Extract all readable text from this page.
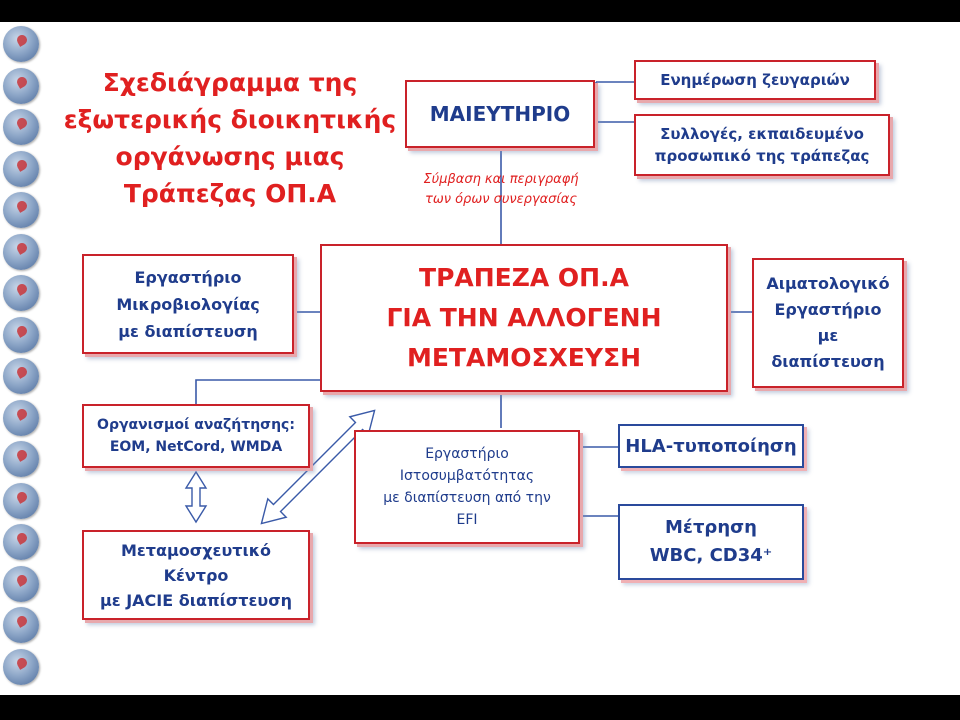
Σχεδιάγραμμα της
εξωτερικής διοικητικής
οργάνωσης μιας
Τράπεζας ΟΠ.Α
ΜΑΙΕΥΤΗΡΙΟ
Ενημέρωση ζευγαριών
Συλλογές, εκπαιδευμένο
προσωπικό της τράπεζας
Σύμβαση και περιγραφή
των όρων συνεργασίας
ΤΡΑΠΕΖΑ ΟΠ.Α
ΓΙΑ ΤΗΝ ΑΛΛΟΓΕΝΗ
ΜΕΤΑΜΟΣΧΕΥΣΗ
Εργαστήριο
Μικροβιολογίας
με διαπίστευση
Αιματολογικό
Εργαστήριο
με
διαπίστευση
Οργανισμοί αναζήτησης:
EOM, NetCord, WMDA	Εργαστήριο
Ιστοσυμβατότητας
με διαπίστευση από την
EFI
HLA-τυποποίηση
Μέτρηση
WBC, CD34⁺
Μεταμοσχευτικό
Κέντρο
με JACIE διαπίστευση
